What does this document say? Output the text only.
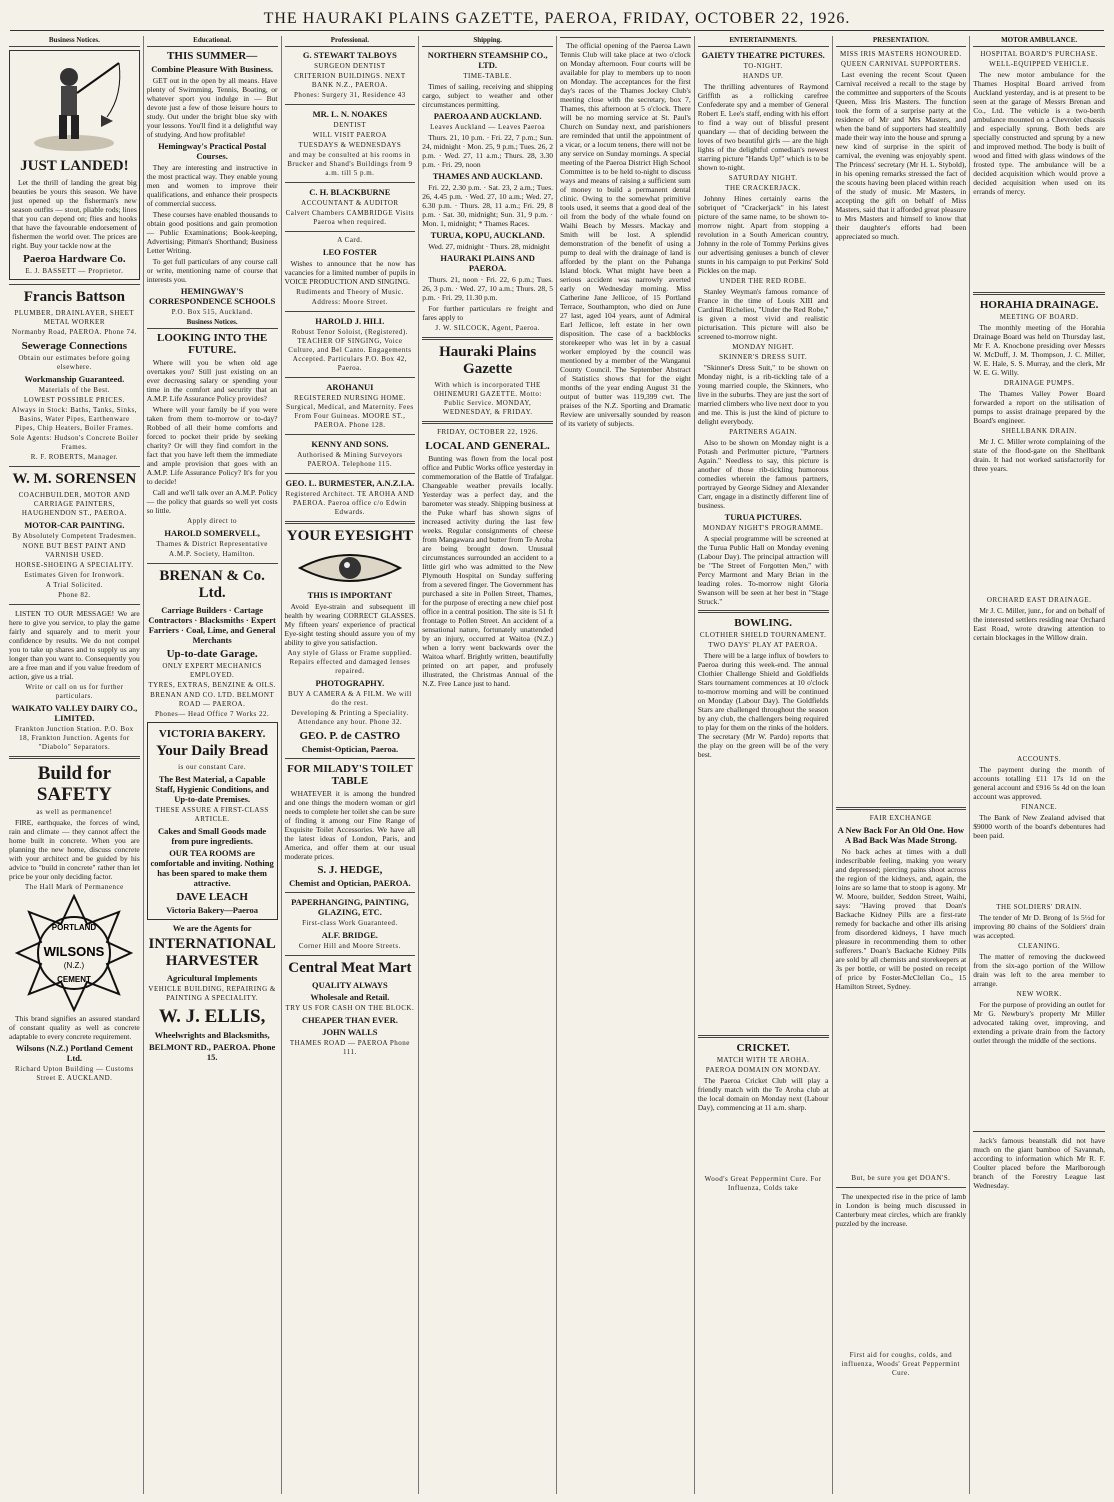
THE HAURAKI PLAINS GAZETTE, PAEROA, FRIDAY, OCTOBER 22, 1926.
Business Notices.
JUST LANDED!
Let the thrill of landing the great big beauties be yours this season. We have just opened up the fisherman's new season outfits — stout, pliable rods; lines that you can depend on; flies and hooks that have the favourable endorsement of fishermen the world over. The prices are right. Buy your tackle now at the
Paeroa Hardware Co.
E. J. BASSETT — Proprietor.
Francis Battson
PLUMBER, DRAINLAYER, SHEET METAL WORKER
Normanby Road, PAEROA. Phone 74.
Sewerage Connections
Obtain our estimates before going elsewhere.
Workmanship Guaranteed.
Materials of the Best.
LOWEST POSSIBLE PRICES.
Always in Stock: Baths, Tanks, Sinks, Basins, Water Pipes, Earthenware Pipes, Chip Heaters, Boiler Frames.
Sole Agents: Hudson's Concrete Boiler Frames.
R. F. ROBERTS, Manager.
W. M. SORENSEN
COACHBUILDER, MOTOR AND CARRIAGE PAINTERS, HAUGHENDON ST., PAEROA.
MOTOR-CAR PAINTING.
By Absolutely Competent Tradesmen.
NONE BUT BEST PAINT AND VARNISH USED.
HORSE-SHOEING A SPECIALITY.
Estimates Given for Ironwork.
A Trial Solicited.
Phone 82.
LISTEN TO OUR MESSAGE! We are here to give you service, to play the game fairly and squarely and to merit your confidence by results. We do not compel you to take up shares and to supply us any longer than you want to. Consequently you are a free man and if you value freedom of action, give us a trial.
Write or call on us for further particulars.
WAIKATO VALLEY DAIRY CO., LIMITED.
Frankton Junction Station. P.O. Box 18, Frankton Junction. Agents for "Diabolo" Separators.
Build for SAFETY
as well as permanence!
FIRE, earthquake, the forces of wind, rain and climate — they cannot affect the home built in concrete. When you are planning the new home, discuss concrete with your architect and be guided by his advice to "build in concrete" rather than let price be your only deciding factor.
The Hall Mark of Permanence
PORTLAND
WILSONS
(N.Z.)
CEMENT
This brand signifies an assured standard of constant quality as well as concrete adaptable to every concrete requirement.
Wilsons (N.Z.) Portland Cement Ltd.
Richard Upton Building — Customs Street E. AUCKLAND.
Educational.
THIS SUMMER—
Combine Pleasure With Business.
GET out in the open by all means. Have plenty of Swimming, Tennis, Boating, or whatever sport you indulge in — But devote just a few of those leisure hours to study. Out under the bright blue sky with your lessons. You'll find it a delightful way of studying. And how profitable!
Hemingway's Practical Postal Courses.
They are interesting and instructive in the most practical way. They enable young men and women to improve their qualifications, and enhance their prospects of commercial success.
These courses have enabled thousands to obtain good positions and gain promotion — Public Examinations; Book-keeping, Advertising; Pitman's Shorthand; Business Letter Writing.
To get full particulars of any course call or write, mentioning name of course that interests you.
HEMINGWAY'S CORRESPONDENCE SCHOOLS
P.O. Box 515, Auckland.
Business Notices.
LOOKING INTO THE FUTURE.
Where will you be when old age overtakes you? Still just existing on an ever decreasing salary or spending your time in the comfort and security that an A.M.P. Life Assurance Policy provides?
Where will your family be if you were taken from them to-morrow or to-day? Robbed of all their home comforts and forced to pocket their pride by seeking charity? Or will they find comfort in the fact that you have left them the immediate and ample provision that goes with an A.M.P. Life Assurance Policy? It's for you to decide!
Call and we'll talk over an A.M.P. Policy — the policy that guards so well yet costs so little.
Apply direct to
HAROLD SOMERVELL,
Thames & District Representative
A.M.P. Society, Hamilton.
BRENAN & Co. Ltd.
Carriage Builders · Cartage Contractors · Blacksmiths · Expert Farriers · Coal, Lime, and General Merchants
Up-to-date Garage.
ONLY EXPERT MECHANICS EMPLOYED.
TYRES, EXTRAS, BENZINE & OILS.
BRENAN AND CO. LTD. BELMONT ROAD — PAEROA.
Phones— Head Office 7 Works 22.
VICTORIA BAKERY.
Your Daily Bread
is our constant Care.
The Best Material, a Capable Staff, Hygienic Conditions, and Up-to-date Premises.
THESE ASSURE A FIRST-CLASS ARTICLE.
Cakes and Small Goods made from pure ingredients.
OUR TEA ROOMS are comfortable and inviting. Nothing has been spared to make them attractive.
DAVE LEACH
Victoria Bakery—Paeroa
We are the Agents for
INTERNATIONAL HARVESTER
Agricultural Implements
VEHICLE BUILDING, REPAIRING & PAINTING A SPECIALITY.
W. J. ELLIS,
Wheelwrights and Blacksmiths,
BELMONT RD., PAEROA. Phone 15.
Professional.
G. STEWART TALBOYS
SURGEON DENTIST
CRITERION BUILDINGS. NEXT BANK N.Z., PAEROA.
Phones: Surgery 31, Residence 43
MR. L. N. NOAKES
DENTIST
WILL VISIT PAEROA
TUESDAYS & WEDNESDAYS
and may be consulted at his rooms in Brucker and Shand's Buildings from 9 a.m. till 5 p.m.
C. H. BLACKBURNE
ACCOUNTANT & AUDITOR
Calvert Chambers CAMBRIDGE Visits Paeroa when required.
A Card.
LEO FOSTER
Wishes to announce that he now has vacancies for a limited number of pupils in VOICE PRODUCTION AND SINGING.
Rudiments and Theory of Music.
Address: Moore Street.
HAROLD J. HILL
Robust Tenor Soloist, (Registered). TEACHER OF SINGING, Voice Culture, and Bel Canto. Engagements Accepted. Particulars P.O. Box 42, Paeroa.
AROHANUI
REGISTERED NURSING HOME. Surgical, Medical, and Maternity. Fees From Four Guineas. MOORE ST., PAEROA. Phone 128.
KENNY AND SONS.
Authorised & Mining Surveyors PAEROA. Telephone 115.
GEO. L. BURMESTER, A.N.Z.I.A.
Registered Architect. TE AROHA AND PAEROA. Paeroa office c/o Edwin Edwards.
YOUR EYESIGHT
THIS IS IMPORTANT
Avoid Eye-strain and subsequent ill health by wearing CORRECT GLASSES. My fifteen years' experience of practical Eye-sight testing should assure you of my ability to give you satisfaction.
Any style of Glass or Frame supplied. Repairs effected and damaged lenses repaired.
PHOTOGRAPHY.
BUY A CAMERA & A FILM. We will do the rest.
Developing & Printing a Speciality. Attendance any hour. Phone 32.
GEO. P. de CASTRO
Chemist-Optician, Paeroa.
FOR MILADY'S TOILET TABLE
WHATEVER it is among the hundred and one things the modern woman or girl needs to complete her toilet she can be sure of finding it among our Fine Range of Exquisite Toilet Accessories. We have all the latest ideas of London, Paris, and America, and offer them at our usual moderate prices.
S. J. HEDGE,
Chemist and Optician, PAEROA.
PAPERHANGING, PAINTING, GLAZING, ETC.
First-class Work Guaranteed.
ALF. BRIDGE.
Corner Hill and Moore Streets.
Central Meat Mart
QUALITY ALWAYS
Wholesale and Retail.
TRY US FOR CASH ON THE BLOCK.
CHEAPER THAN EVER.
JOHN WALLS
THAMES ROAD — PAEROA Phone 111.
Shipping.
NORTHERN STEAMSHIP CO., LTD.
TIME-TABLE.
Times of sailing, receiving and shipping cargo, subject to weather and other circumstances permitting.
PAEROA AND AUCKLAND.
Leaves Auckland — Leaves Paeroa
Thurs. 21, 10 p.m. · Fri. 22, 7 p.m.; Sun. 24, midnight · Mon. 25, 9 p.m.; Tues. 26, 2 p.m. · Wed. 27, 11 a.m.; Thurs. 28, 3.30 p.m. · Fri. 29, noon
THAMES AND AUCKLAND.
Fri. 22, 2.30 p.m. · Sat. 23, 2 a.m.; Tues. 26, 4.45 p.m. · Wed. 27, 10 a.m.; Wed. 27, 6.30 p.m. · Thurs. 28, 11 a.m.; Fri. 29, 8 p.m. · Sat. 30, midnight; Sun. 31, 9 p.m. · Mon. 1, midnight; * Thames Races.
TURUA, KOPU, AUCKLAND.
Wed. 27, midnight · Thurs. 28, midnight
HAURAKI PLAINS AND PAEROA.
Thurs. 21, noon · Fri. 22, 6 p.m.; Tues. 26, 3 p.m. · Wed. 27, 10 a.m.; Thurs. 28, 5 p.m. · Fri. 29, 11.30 p.m.
For further particulars re freight and fares apply to
J. W. SILCOCK, Agent, Paeroa.
Hauraki Plains Gazette
With which is incorporated THE OHINEMURI GAZETTE. Motto: Public Service. MONDAY, WEDNESDAY, & FRIDAY.
FRIDAY, OCTOBER 22, 1926.
LOCAL AND GENERAL.
Bunting was flown from the local post office and Public Works office yesterday in commemoration of the Battle of Trafalgar. Changeable weather prevails locally. Yesterday was a perfect day, and the barometer was steady. Shipping business at the Puke wharf has shown signs of increased activity during the last few weeks. Regular consignments of cheese from Mangawara and butter from Te Aroha are being brought down. Unusual circumstances surrounded an accident to a little girl who was admitted to the New Plymouth Hospital on Sunday suffering from a severed finger. The Government has purchased a site in Pollen Street, Thames, for the purpose of erecting a new chief post office in a central position. The site is 51 ft frontage to Pollen Street. An accident of a sensational nature, fortunately unattended by an injury, occurred at Waitoa (N.Z.) when a lorry went backwards over the Waitoa wharf. Brightly written, beautifully printed on art paper, and profusely illustrated, the Christmas Annual of the N.Z. Free Lance just to hand.
The official opening of the Paeroa Lawn Tennis Club will take place at two o'clock on Monday afternoon. Four courts will be available for play to members up to noon on Monday. The acceptances for the first day's races of the Thames Jockey Club's meeting close with the secretary, box 7, Thames, this afternoon at 5 o'clock. There will be no morning service at St. Paul's Church on Sunday next, and parishioners are reminded that until the appointment of a vicar, or a locum tenens, there will not be any service on Sunday mornings. A special meeting of the Paeroa District High School Committee is to be held to-night to discuss ways and means of raising a sufficient sum of money to build a permanent dental clinic. Owing to the somewhat primitive tools used, it seems that a good deal of the oil from the body of the whale found on Waihi Beach by Messrs. Mackay and Smith will be lost. A splendid demonstration of the benefit of using a pump to deal with the drainage of land is afforded by the plant on the Puhanga Island block. What might have been a serious accident was narrowly averted early on Wednesday morning. Miss Catherine Jane Jellicoe, of 15 Portland Terrace, Southampton, who died on June 27 last, aged 104 years, aunt of Admiral Earl Jellicoe, left estate in her own disposition. The case of a backblocks storekeeper who was let in by a casual worker employed by the council was mentioned by a member of the Wanganui County Council. The September Abstract of Statistics shows that for the eight months of the year ending August 31 the output of butter was 119,399 cwt. The praises of the N.Z. Sporting and Dramatic Review are universally sounded by reason of its variety of subjects.
ENTERTAINMENTS.
GAIETY THEATRE PICTURES.
TO-NIGHT.
HANDS UP.
The thrilling adventures of Raymond Griffith as a rollicking carefree Confederate spy and a member of General Robert E. Lee's staff, ending with his effort to find a way out of blissful present quandary — that of deciding between the loves of two beautiful girls — are the high lights of the delightful comedian's newest starring picture "Hands Up!" which is to be shown to-night.
SATURDAY NIGHT.
THE CRACKERJACK.
Johnny Hines certainly earns the sobriquet of "Crackerjack" in his latest picture of the same name, to be shown to-morrow night. Apart from stopping a revolution in a South American country, Johnny in the role of Tommy Perkins gives our advertising geniuses a bunch of clever stunts in his campaign to put Perkins' Sold Pickles on the map.
UNDER THE RED ROBE.
Stanley Weyman's famous romance of France in the time of Louis XIII and Cardinal Richelieu, "Under the Red Robe," is given a most vivid and realistic picturisation. This picture will also be screened to-morrow night.
MONDAY NIGHT.
SKINNER'S DRESS SUIT.
"Skinner's Dress Suit," to be shown on Monday night, is a rib-tickling tale of a young married couple, the Skinners, who live in the suburbs. They are just the sort of married climbers who live next door to you and me. This is just the kind of picture to delight everybody.
PARTNERS AGAIN.
Also to be shown on Monday night is a Potash and Perlmutter picture, "Partners Again." Needless to say, this picture is another of those rib-tickling humorous comedies wherein the famous partners, portrayed by George Sidney and Alexander Carr, engage in a distinctly different line of business.
TURUA PICTURES.
MONDAY NIGHT'S PROGRAMME.
A special programme will be screened at the Turua Public Hall on Monday evening (Labour Day). The principal attraction will be "The Street of Forgotten Men," with Percy Marmont and Mary Brian in the leading roles. To-morrow night Gloria Swanson will be seen at her best in "Stage Struck."
BOWLING.
CLOTHIER SHIELD TOURNAMENT.
TWO DAYS' PLAY AT PAEROA.
There will be a large influx of bowlers to Paeroa during this week-end. The annual Clothier Challenge Shield and Goldfields Stars tournament commences at 10 o'clock to-morrow morning and will be continued on Monday (Labour Day). The Goldfields Stars are challenged throughout the season by any club, the challengers being required to play for them on the rinks of the holders. The secretary (Mr W. Pardo) reports that the play on the green will be of the very best.
CRICKET.
MATCH WITH TE AROHA.
PAEROA DOMAIN ON MONDAY.
The Paeroa Cricket Club will play a friendly match with the Te Aroha club at the local domain on Monday next (Labour Day), commencing at 11 a.m. sharp.
Wood's Great Peppermint Cure. For Influenza, Colds take
PRESENTATION.
MISS IRIS MASTERS HONOURED.
QUEEN CARNIVAL SUPPORTERS.
Last evening the recent Scout Queen Carnival received a recall to the stage by the committee and supporters of the Scouts Queen, Miss Iris Masters. The function took the form of a surprise party at the residence of Mr and Mrs Masters, and when the band of supporters had stealthily made their way into the house and sprung a new kind of surprise in the spirit of carnival, the evening was enjoyably spent. The Princess' secretary (Mr H. L. Stybold), in his opening remarks stressed the fact of the scouts having been placed within reach of the study of music. Mr Masters, in accepting the gift on behalf of Miss Masters, said that it afforded great pleasure to Mrs Masters and himself to know that their daughter's efforts had been appreciated so much.
FAIR EXCHANGE
A New Back For An Old One. How A Bad Back Was Made Strong.
No back aches at times with a dull indescribable feeling, making you weary and depressed; piercing pains shoot across the region of the kidneys, and, again, the loins are so lame that to stoop is agony. Mr W. Moore, builder, Seddon Street, Waihi, says: "Having proved that Doan's Backache Kidney Pills are a first-rate remedy for backache and other ills arising from disordered kidneys, I have much pleasure in recommending them to other sufferers." Doan's Backache Kidney Pills are sold by all chemists and storekeepers at 3s per bottle, or will be posted on receipt of price by Foster-McClellan Co., 15 Hamilton Street, Sydney.
But, be sure you get DOAN'S.
The unexpected rise in the price of lamb in London is being much discussed in Canterbury meat circles, which are frankly puzzled by the increase.
First aid for coughs, colds, and influenza, Woods' Great Peppermint Cure.
MOTOR AMBULANCE.
HOSPITAL BOARD'S PURCHASE.
WELL-EQUIPPED VEHICLE.
The new motor ambulance for the Thames Hospital Board arrived from Auckland yesterday, and is at present to be seen at the garage of Messrs Brenan and Co., Ltd. The vehicle is a two-berth ambulance mounted on a Chevrolet chassis and especially sprung. Both beds are specially constructed and sprung by a new and improved method. The body is built of wood and fitted with glass windows of the frosted type. The ambulance will be a decided acquisition which would prove a decided acquisition when used on its errands of mercy.
HORAHIA DRAINAGE.
MEETING OF BOARD.
The monthly meeting of the Horahia Drainage Board was held on Thursday last, Mr F. A. Knocbone presiding over Messrs W. McDuff, J. M. Thompson, J. C. Miller, W. E. Hale, S. S. Murray, and the clerk, Mr W. E. G. Willy.
DRAINAGE PUMPS.
The Thames Valley Power Board forwarded a report on the utilisation of pumps to assist drainage prepared by the Board's engineer.
SHELLBANK DRAIN.
Mr J. C. Miller wrote complaining of the state of the flood-gate on the Shellbank drain. It had not worked satisfactorily for three years.
ORCHARD EAST DRAINAGE.
Mr J. C. Miller, junr., for and on behalf of the interested settlers residing near Orchard East Road, wrote drawing attention to certain blockages in the Willow drain.
ACCOUNTS.
The payment during the month of accounts totalling £11 17s 1d on the general account and £916 5s 4d on the loan account was approved.
FINANCE.
The Bank of New Zealand advised that $9000 worth of the board's debentures had been paid.
THE SOLDIERS' DRAIN.
The tender of Mr D. Brong of 1s 5½d for improving 80 chains of the Soldiers' drain was accepted.
CLEANING.
The matter of removing the duckweed from the six-ago portion of the Willow drain was left to the area member to arrange.
NEW WORK.
For the purpose of providing an outlet for Mr G. Newbury's property Mr Miller advocated taking over, improving, and extending a private drain from the factory outlet through the middle of the sections.
Jack's famous beanstalk did not have much on the giant bamboo of Savannah, according to information which Mr R. F. Coulter placed before the Marlborough branch of the Forestry League last Wednesday.
